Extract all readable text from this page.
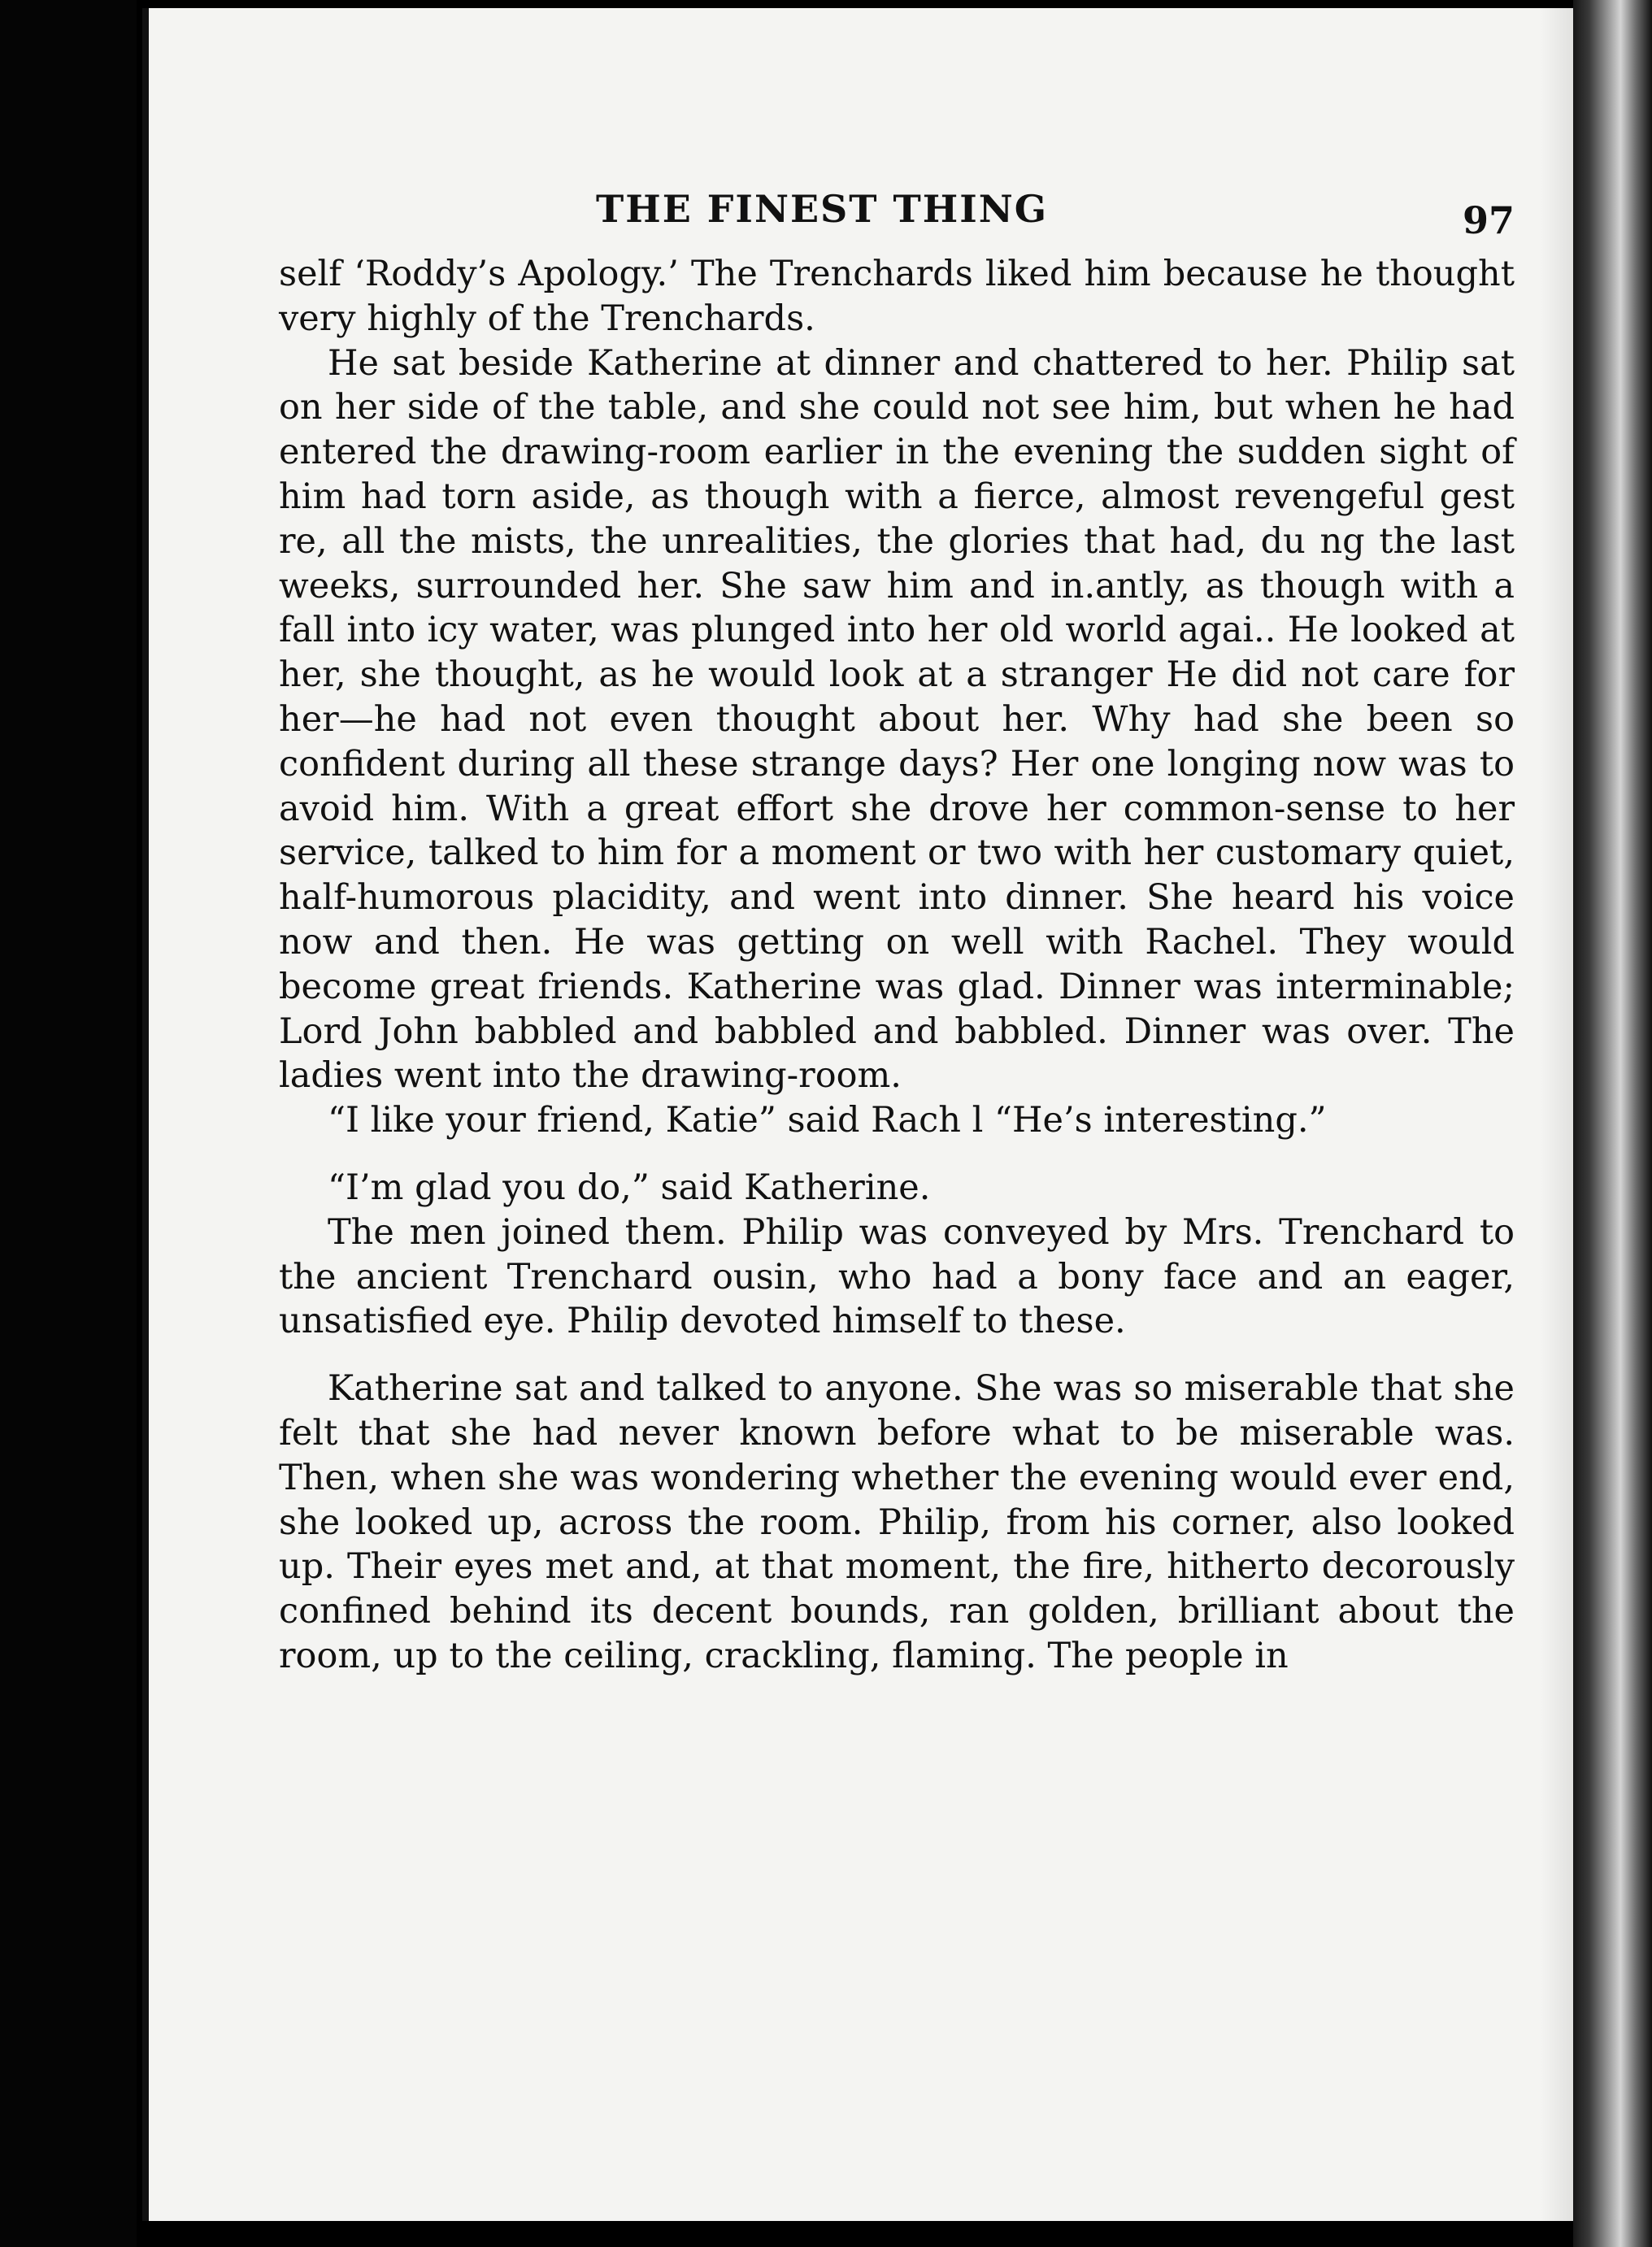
THE FINEST THING	97

self ‘Roddy’s Apology.’ The Trenchards liked him because he thought very highly of the Trenchards.

He sat beside Katherine at dinner and chattered to her. Philip sat on her side of the table, and she could not see him, but when he had entered the drawing-room earlier in the evening the sudden sight of him had torn aside, as though with a fierce, almost revengeful gest re, all the mists, the unrealities, the glories that had, du ng the last weeks, surrounded her. She saw him and in.antly, as though with a fall into icy water, was plunged into her old world agai.. He looked at her, she thought, as he would look at a stranger He did not care for her—he had not even thought about her. Why had she been so confident during all these strange days? Her one longing now was to avoid him. With a great effort she drove her common-sense to her service, talked to him for a moment or two with her customary quiet, half-humorous placidity, and went into dinner. She heard his voice now and then. He was getting on well with Rachel. They would become great friends. Katherine was glad. Dinner was interminable; Lord John babbled and babbled and babbled. Dinner was over. The ladies went into the drawing-room.

“I like your friend, Katie” said Rach l “He’s interesting.”

“I’m glad you do,” said Katherine.

The men joined them. Philip was conveyed by Mrs. Trenchard to the ancient Trenchard ousin, who had a bony face and an eager, unsatisfied eye. Philip devoted himself to these.

Katherine sat and talked to anyone. She was so miserable that she felt that she had never known before what to be miserable was. Then, when she was wondering whether the evening would ever end, she looked up, across the room. Philip, from his corner, also looked up. Their eyes met and, at that moment, the fire, hitherto decorously confined behind its decent bounds, ran golden, brilliant about the room, up to the ceiling, crackling, flaming. The people in
